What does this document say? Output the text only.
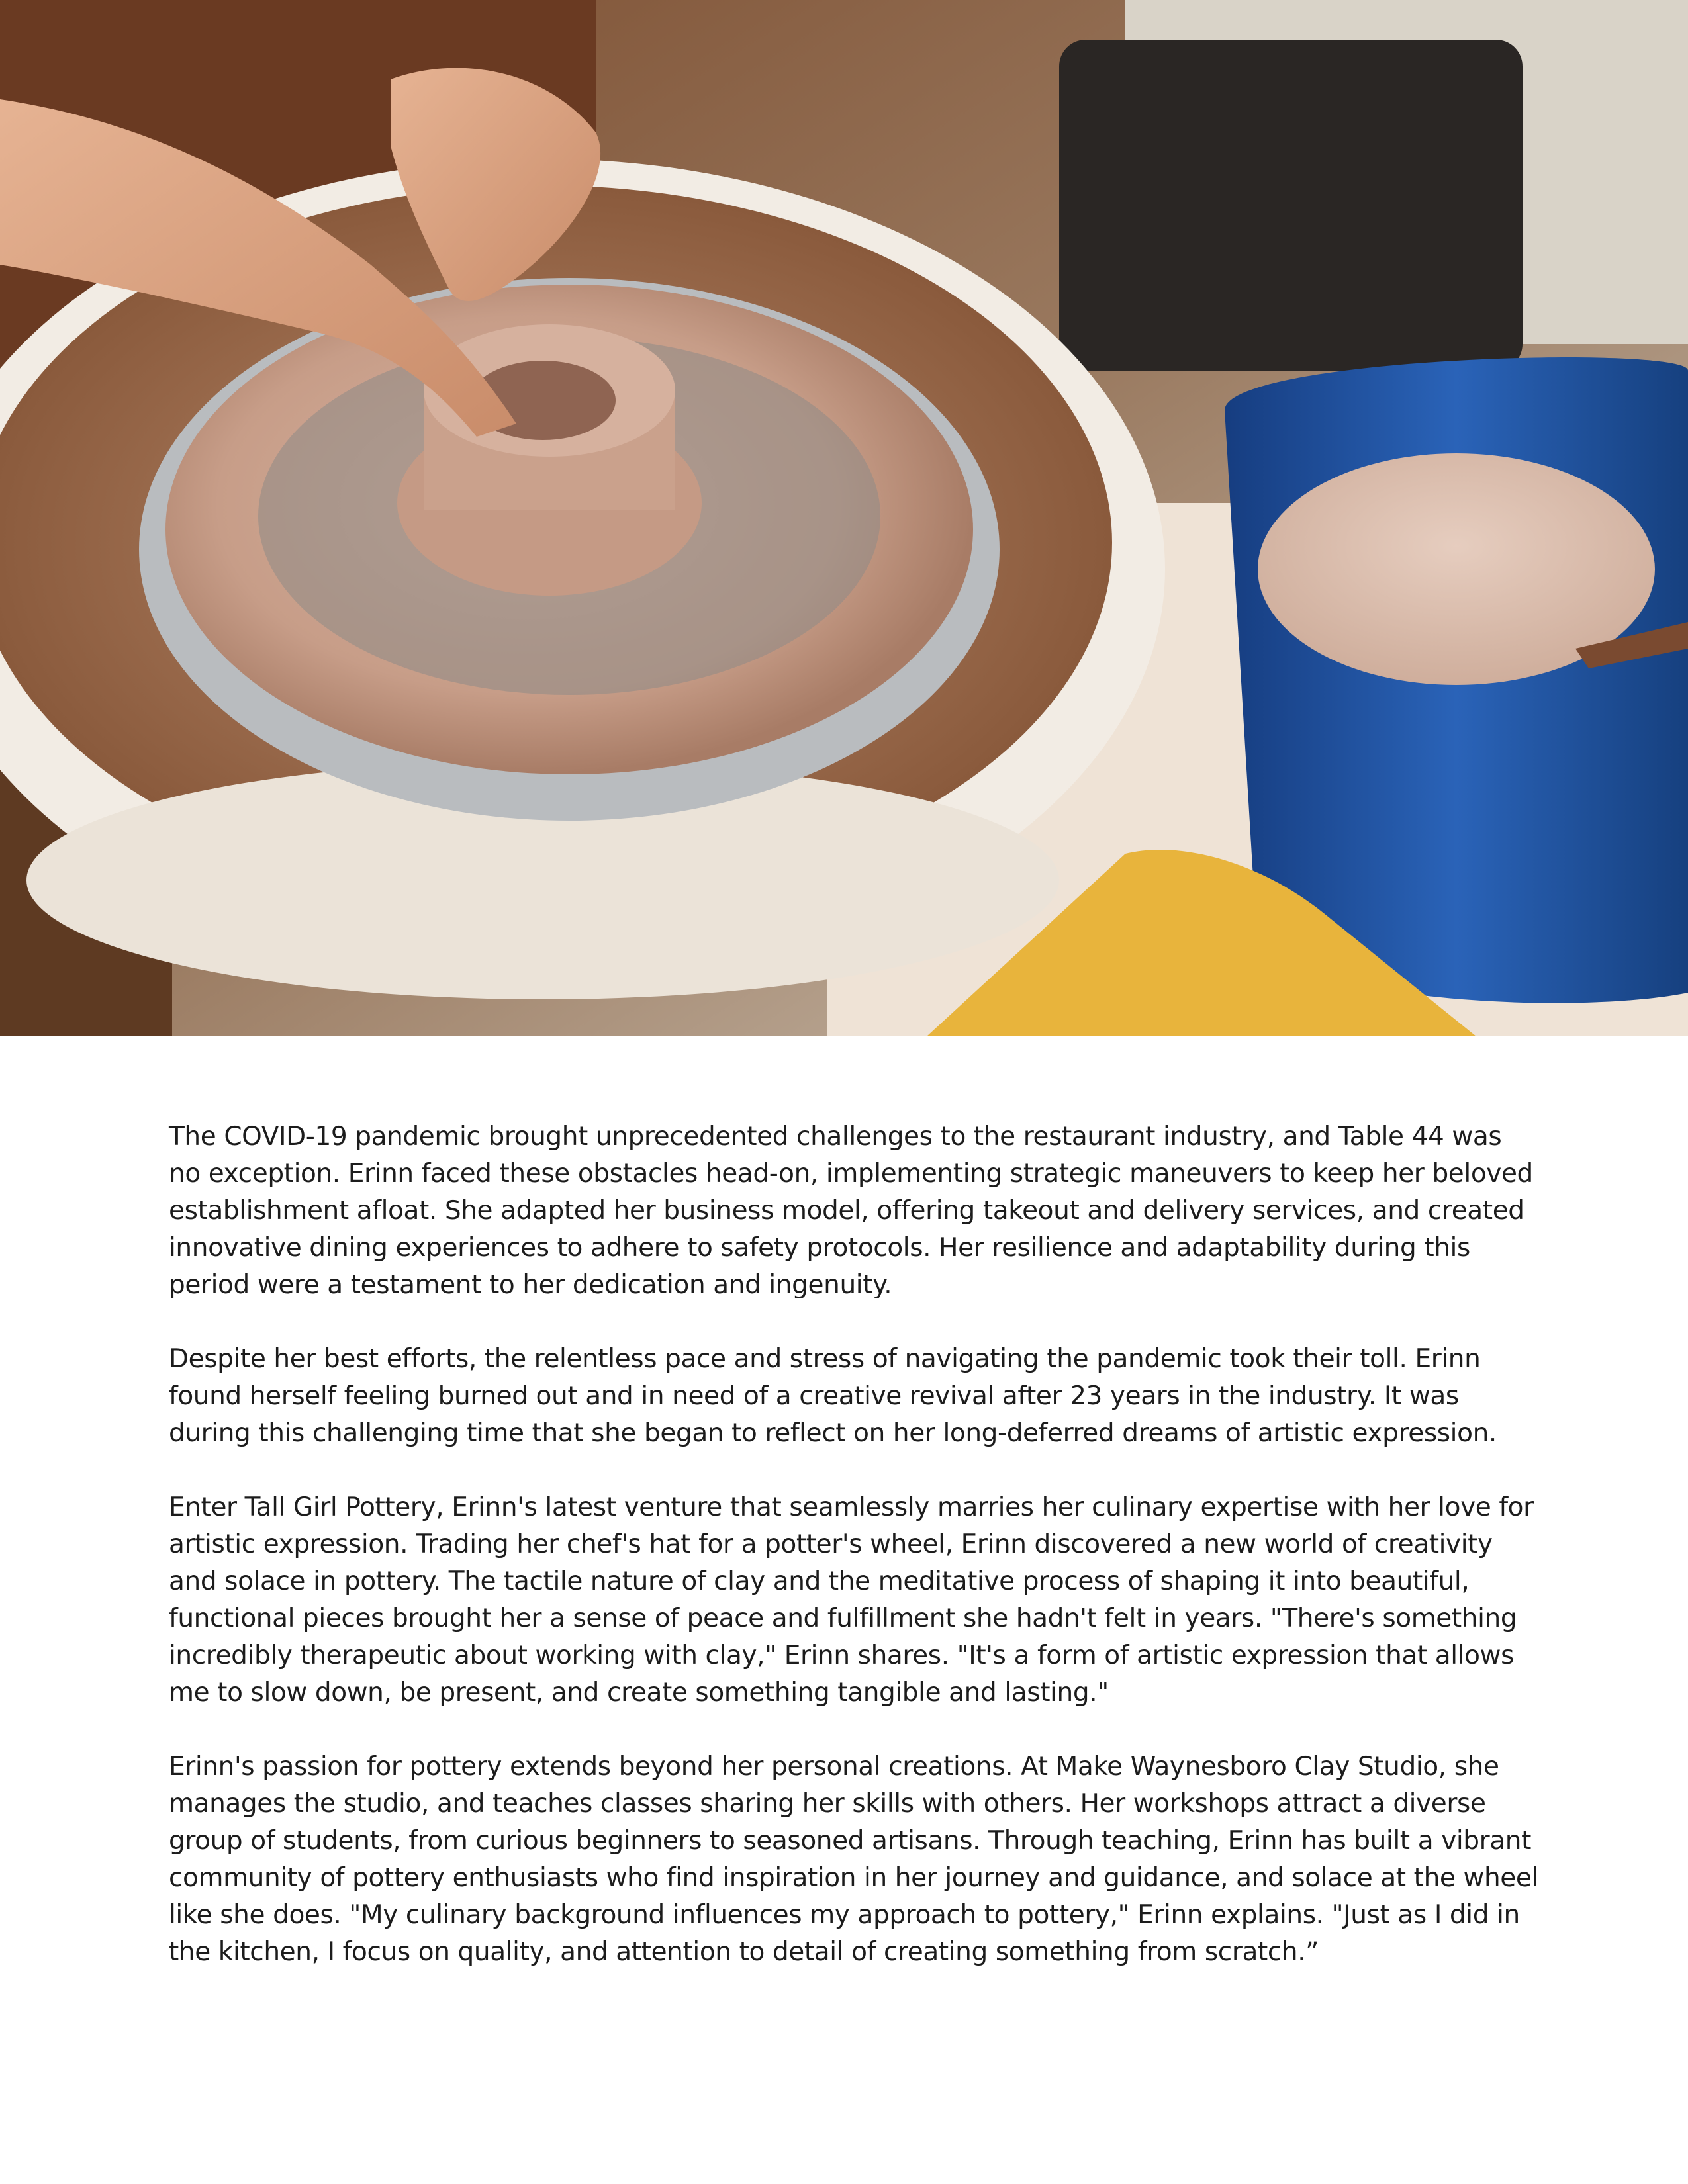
The COVID-19 pandemic brought unprecedented challenges to the restaurant industry, and Table 44 was no exception. Erinn faced these obstacles head-on, implementing strategic maneuvers to keep her beloved establishment afloat. She adapted her business model, offering takeout and delivery services, and created innovative dining experiences to adhere to safety protocols. Her resilience and adaptability during this period were a testament to her dedication and ingenuity.

Despite her best efforts, the relentless pace and stress of navigating the pandemic took their toll. Erinn found herself feeling burned out and in need of a creative revival after 23 years in the industry. It was during this challenging time that she began to reflect on her long-deferred dreams of artistic expression.

Enter Tall Girl Pottery, Erinn's latest venture that seamlessly marries her culinary expertise with her love for artistic expression. Trading her chef's hat for a potter's wheel, Erinn discovered a new world of creativity and solace in pottery. The tactile nature of clay and the meditative process of shaping it into beautiful, functional pieces brought her a sense of peace and fulfillment she hadn't felt in years. "There's something incredibly therapeutic about working with clay," Erinn shares. "It's a form of artistic expression that allows me to slow down, be present, and create something tangible and lasting."

Erinn's passion for pottery extends beyond her personal creations. At Make Waynesboro Clay Studio, she manages the studio, and teaches classes sharing her skills with others. Her workshops attract a diverse group of students, from curious beginners to seasoned artisans. Through teaching, Erinn has built a vibrant community of pottery enthusiasts who find inspiration in her journey and guidance, and solace at the wheel like she does. "My culinary background influences my approach to pottery," Erinn explains. "Just as I did in the kitchen, I focus on quality, and attention to detail of creating something from scratch.”
